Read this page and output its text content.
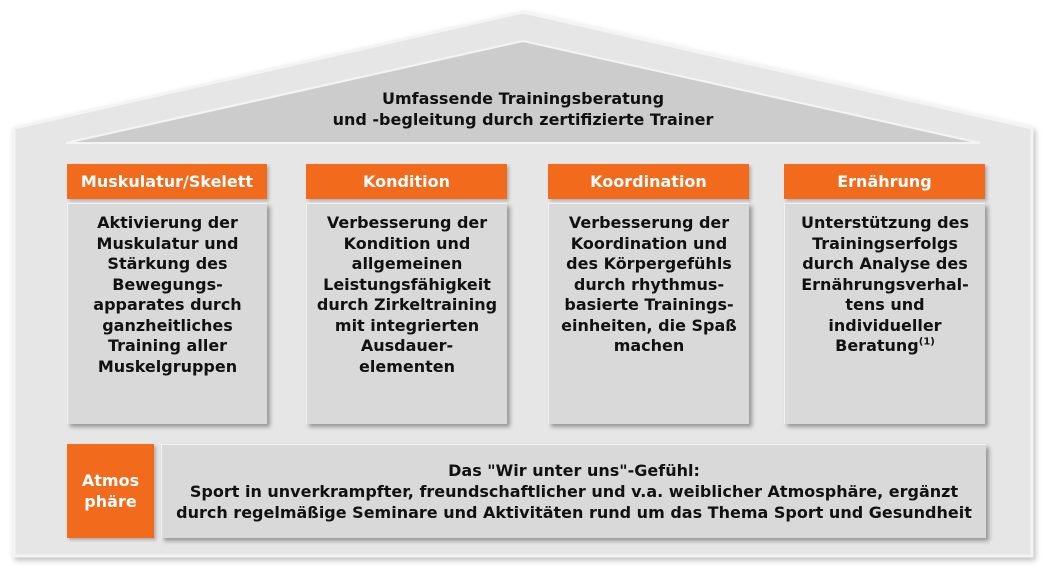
Umfassende Trainingsberatung
und -begleitung durch zertifizierte Trainer
Muskulatur/Skelett
Aktivierung der
Muskulatur und
Stärkung des
Bewegungs-
apparates durch
ganzheitliches
Training aller
Muskelgruppen
Kondition
Verbesserung der
Kondition und
allgemeinen
Leistungsfähigkeit
durch Zirkeltraining
mit integrierten
Ausdauer-
elementen
Koordination
Verbesserung der
Koordination und
des Körpergefühls
durch rhythmus-
basierte Trainings-
einheiten, die Spaß
machen
Ernährung
Unterstützung des
Trainingserfolgs
durch Analyse des
Ernährungsverhal-
tens und
individueller
Beratung$^{(1)}$
Atmos
phäre
Das "Wir unter uns"-Gefühl:
Sport in unverkrampfter, freundschaftlicher und v.a. weiblicher Atmosphäre, ergänzt
durch regelmäßige Seminare und Aktivitäten rund um das Thema Sport und Gesundheit
